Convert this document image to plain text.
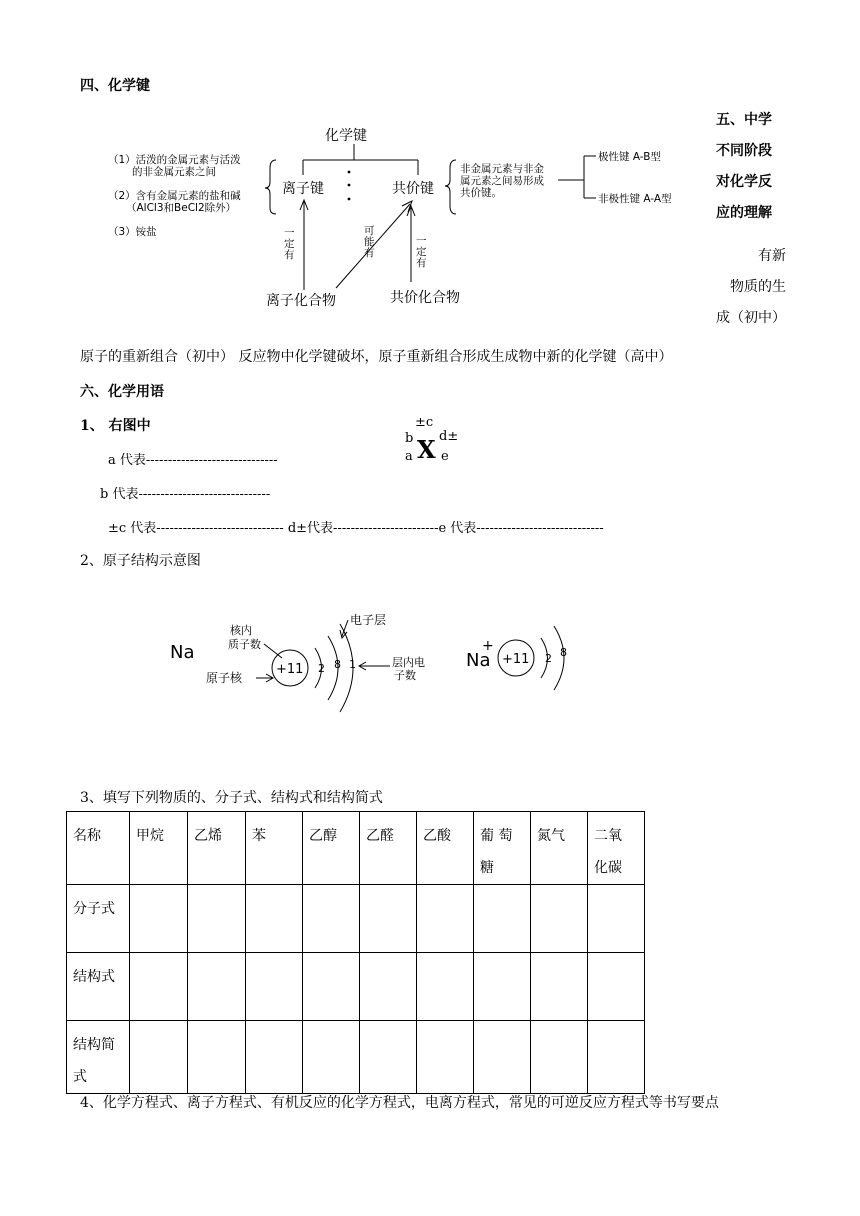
四、化学键
化学键
离子键	共价键
（1）活泼的金属元素与活泼
的非金属元素之间
（2）含有金属元素的盐和碱
（AlCl3和BeCl2除外）
（3）铵盐
非金属元素与非金
属元素之间易形成
共价键。
极性键 A-B型
非极性键 A-A型
一定有
可能有
一定有
离子化合物	共价化合物
五、中学
不同阶段
对化学反
应的理解
有新
物质的生
成（初中）
原子的重新组合（初中） 反应物中化学键破坏，原子重新组合形成生成物中新的化学键（高中）
六、化学用语
1、 右图中	±c
b
a X d±
e
a 代表------------------------------
b 代表------------------------------
±c 代表----------------------------- d±代表------------------------e 代表-----------------------------
2、原子结构示意图
Na
+11
核内
质子数
原子核
2 8 1
电子层
层内电
子数
Na
+
+11 2 8
3、填写下列物质的、分子式、结构式和结构简式
名称	甲烷	乙烯	苯	乙醇	乙醛	乙酸	葡 萄 糖	氮气	二氧 化碳
分子式									
结构式									
结构简 式									
4、化学方程式、离子方程式、有机反应的化学方程式，电离方程式，常见的可逆反应方程式等书写要点
